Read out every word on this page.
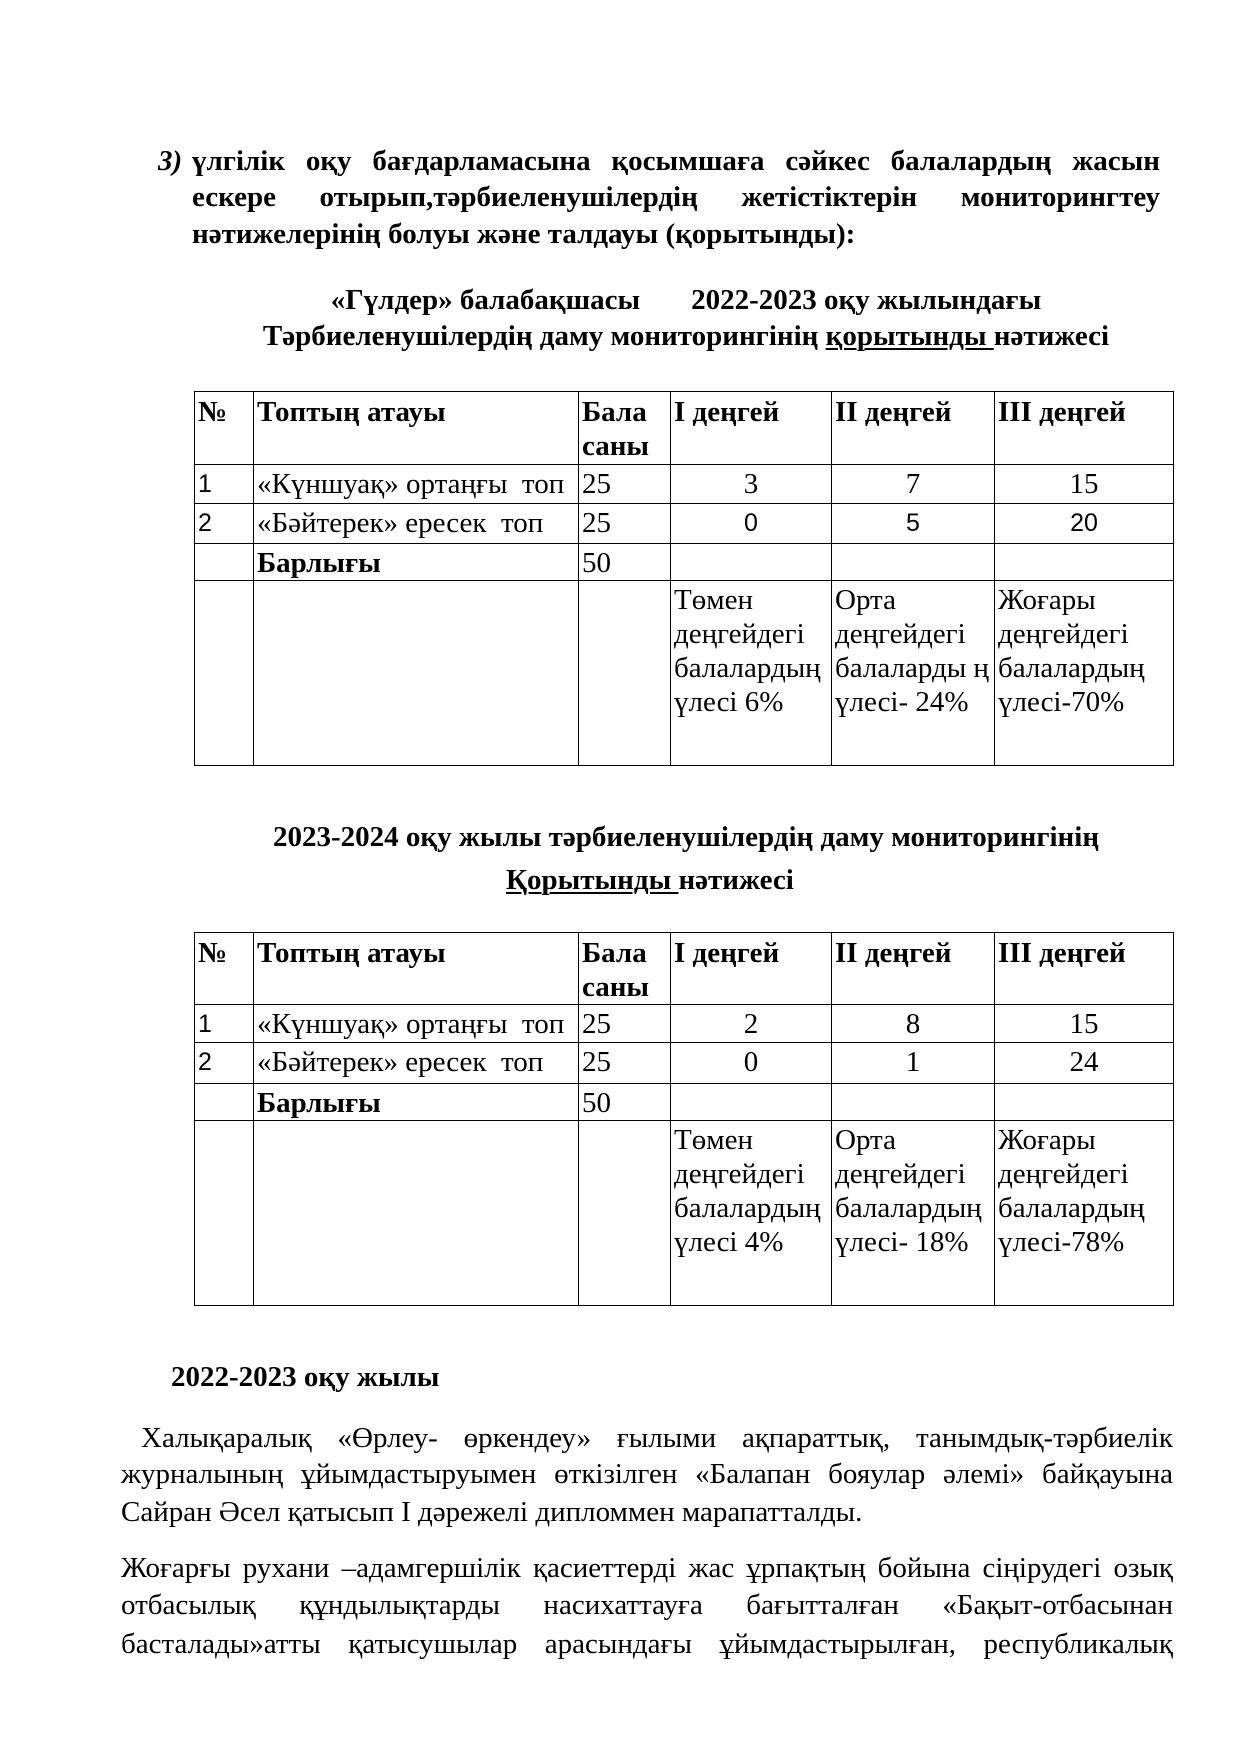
3) үлгілік оқу бағдарламасына қосымшаға сәйкес балалардың жасын
ескере отырып,тәрбиеленушілердің жетістіктерін мониторингтеу
нәтижелерінің болуы және талдауы (қорытынды):
«Гүлдер» балабақшасы 2022-2023 оқу жылындағы
Тәрбиеленушілердің даму мониторингінің қорытынды нәтижесі
№	Топтың атауы	Бала саны	І деңгей	ІІ деңгей	ІІІ деңгей
1	«Күншуақ» ортаңғы  топ	25	3	7	15
2	«Бәйтерек» ересек  топ	25	0	5	20
	Барлығы	50			
			Төмен деңгейдегі балалардың үлесі 6%	Орта деңгейдегі балаларды ң үлесі- 24%	Жоғары деңгейдегі балалардың үлесі-70%
2023-2024 оқу жылы тәрбиеленушілердің даму мониторингінің
Қорытынды нәтижесі
№	Топтың атауы	Бала саны	І деңгей	ІІ деңгей	ІІІ деңгей
1	«Күншуақ» ортаңғы  топ	25	2	8	15
2	«Бәйтерек» ересек  топ	25	0	1	24
	Барлығы	50			
			Төмен деңгейдегі балалардың үлесі 4%	Орта деңгейдегі балалардың үлесі- 18%	Жоғары деңгейдегі балалардың үлесі-78%
2022-2023 оқу жылы
Халықаралық «Өрлеу- өркендеу» ғылыми ақпараттық, танымдық-тәрбиелік
журналының ұйымдастыруымен өткізілген «Балапан бояулар әлемі» байқауына
Сайран Әсел қатысып І дәрежелі дипломмен марапатталды.
Жоғарғы рухани –адамгершілік қасиеттерді жас ұрпақтың бойына сіңірудегі озық
отбасылық құндылықтарды насихаттауға бағытталған «Бақыт-отбасынан
басталады»атты қатысушылар арасындағы ұйымдастырылған, республикалық
